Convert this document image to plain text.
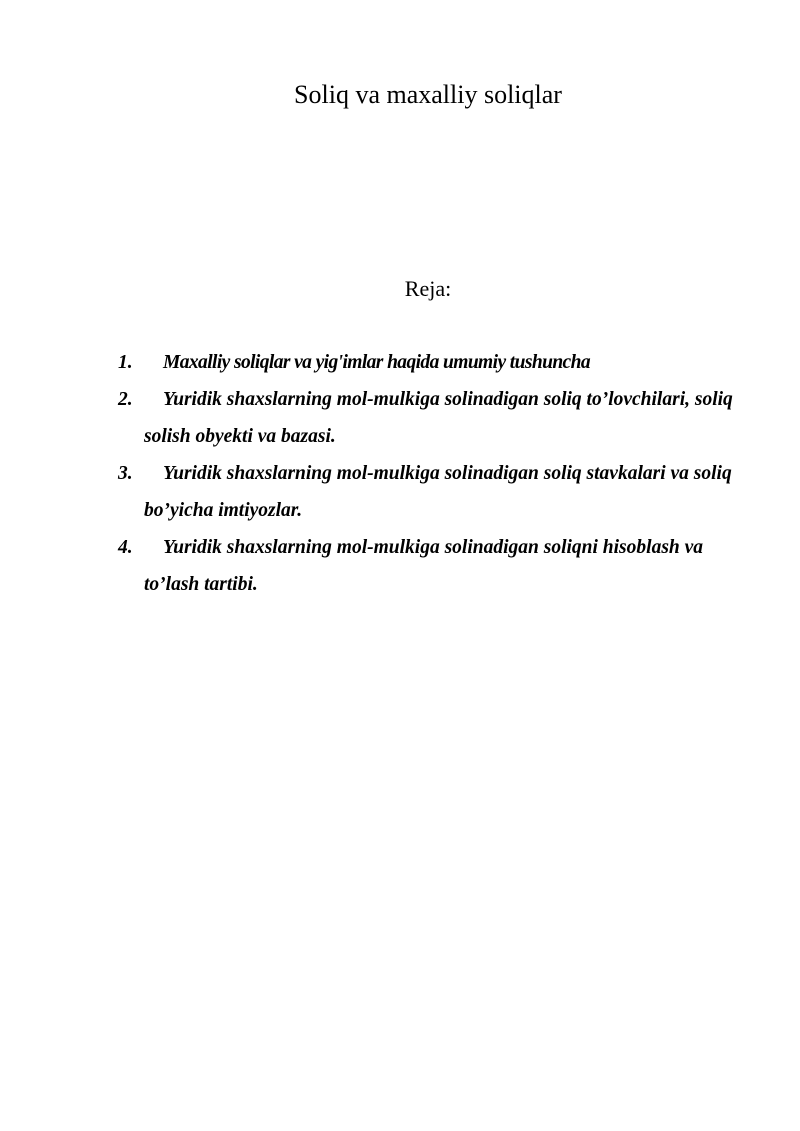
Soliq va maxalliy soliqlar
Reja:
1.	Maxalliy soliqlar va yig'imlar haqida umumiy tushuncha
2.	Yuridik shaxslarning mol-mulkiga solinadigan soliq to’lovchilari, soliq solish obyekti va bazasi.
3.	Yuridik shaxslarning mol-mulkiga solinadigan soliq stavkalari va soliq bo’yicha imtiyozlar.
4.	Yuridik shaxslarning mol-mulkiga solinadigan soliqni hisoblash va to’lash tartibi.
